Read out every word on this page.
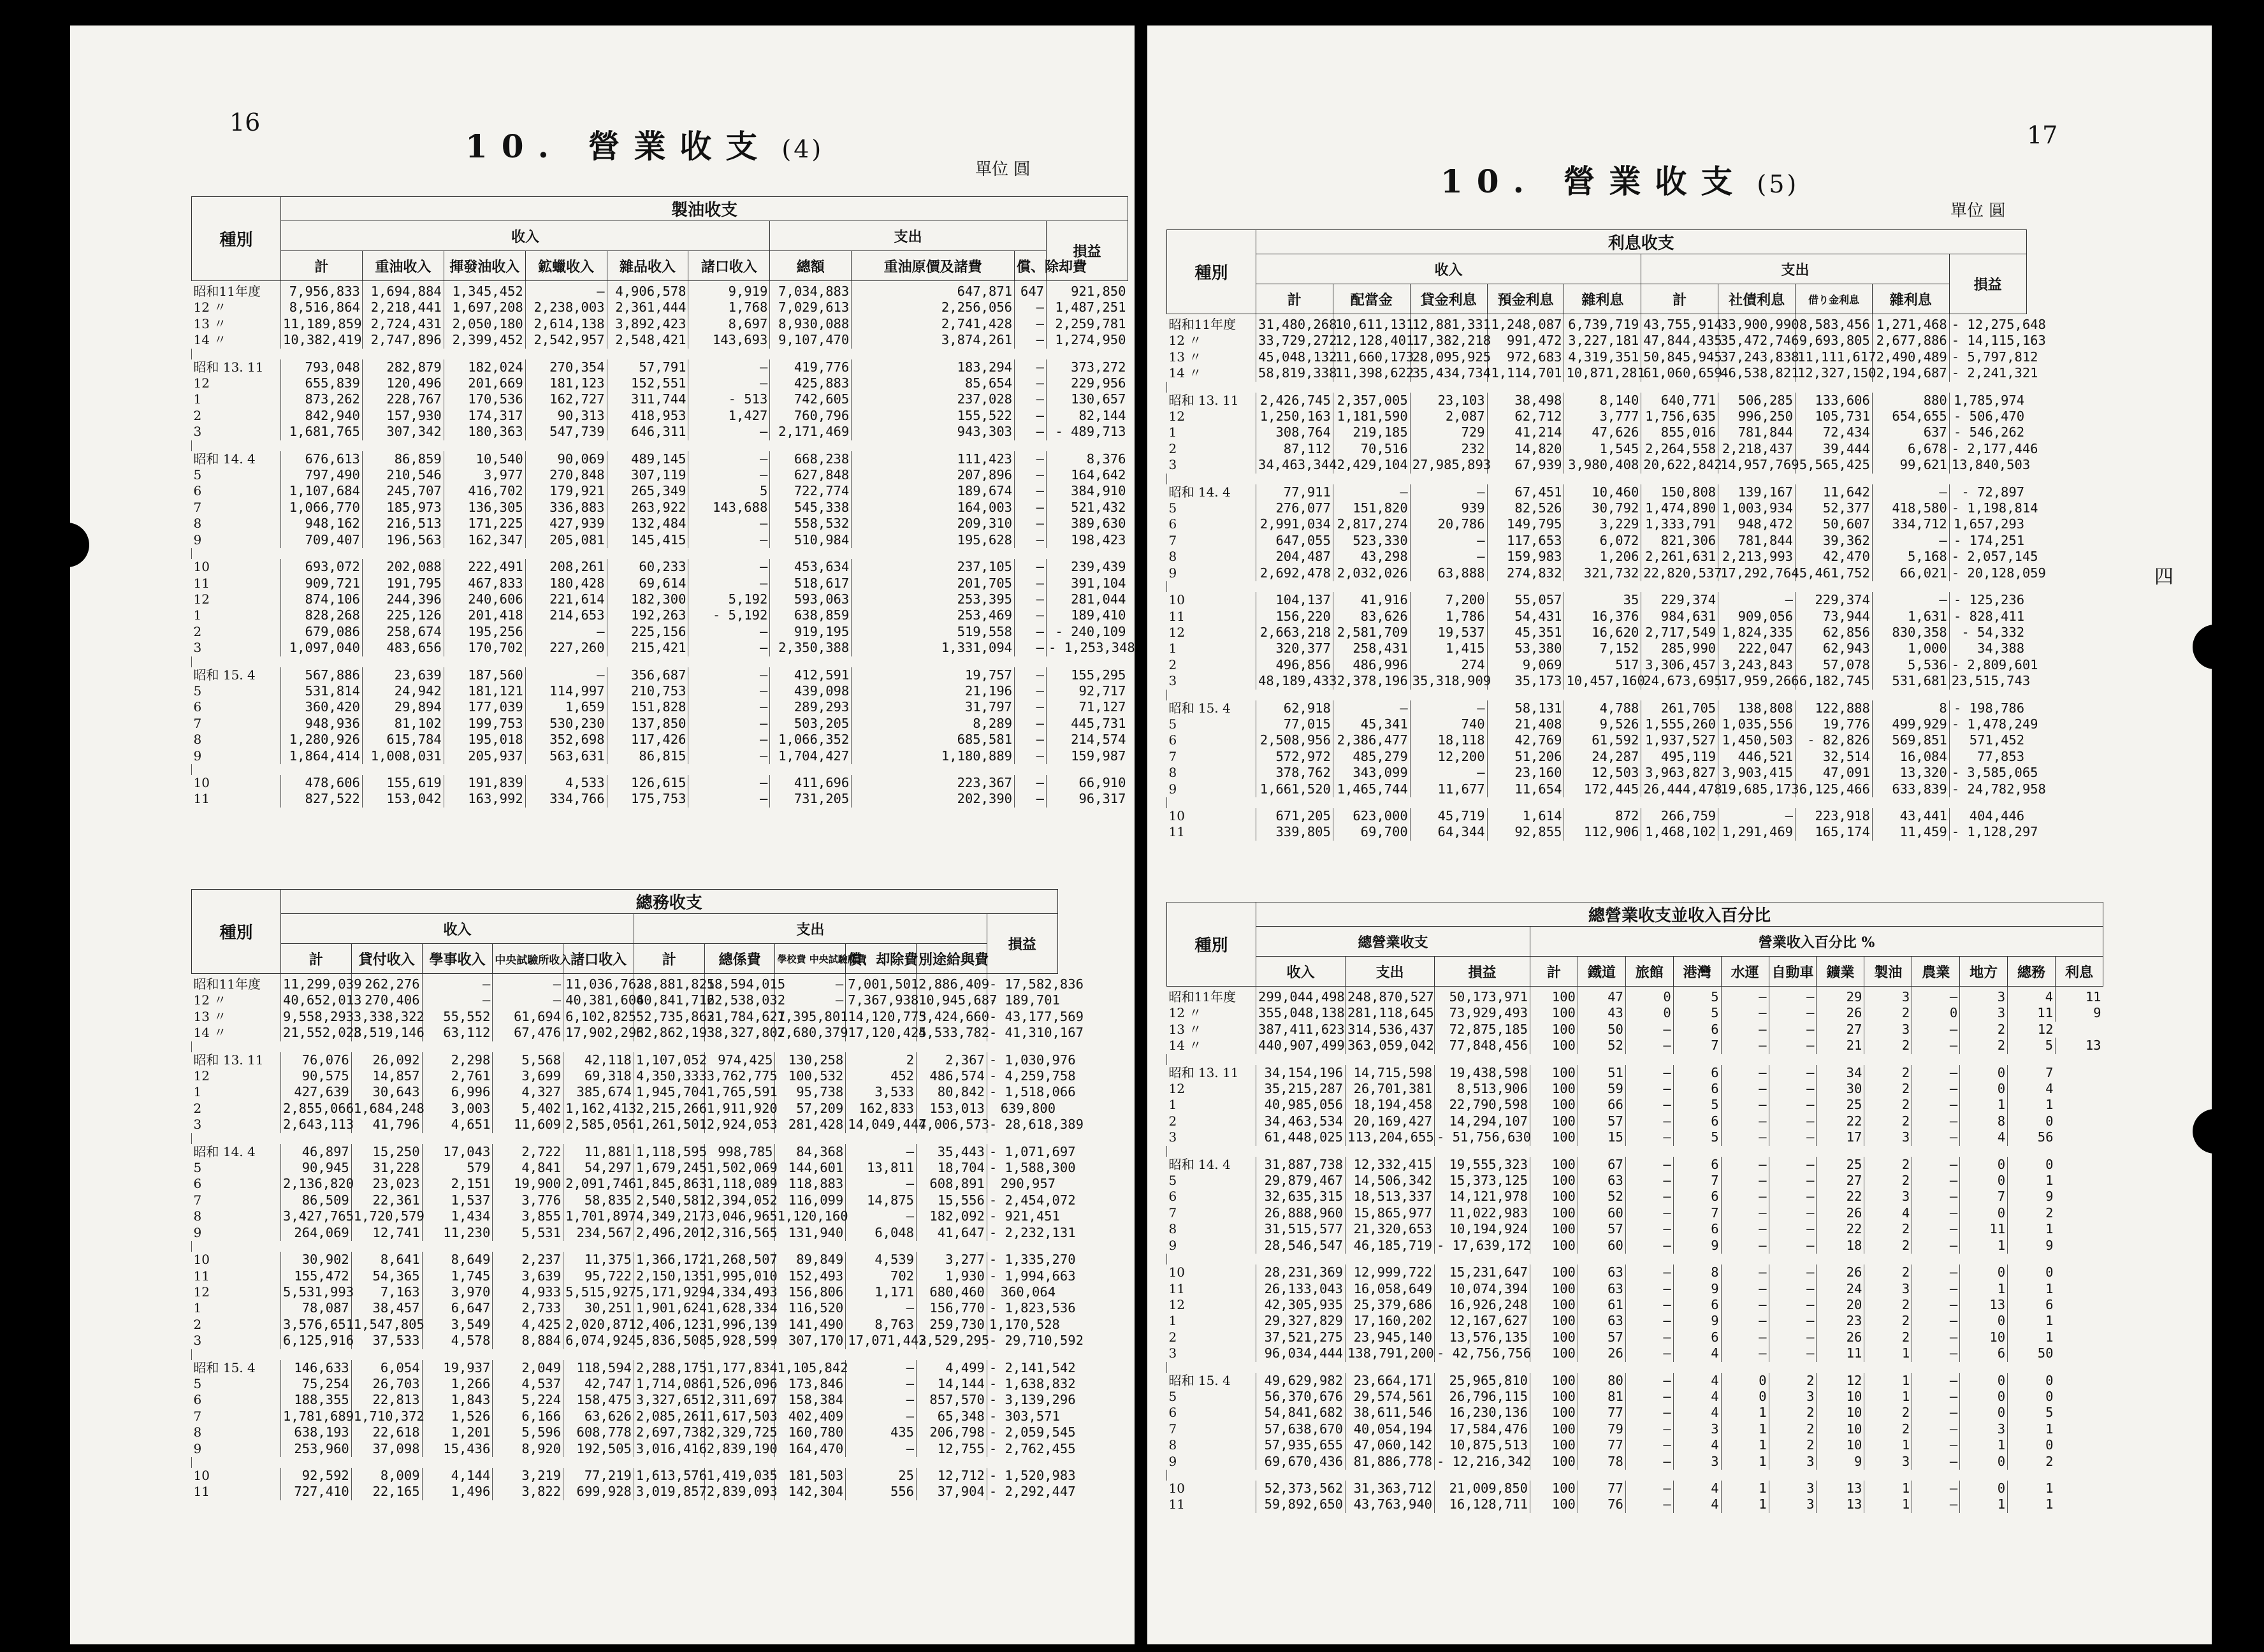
16
10. 營業收支 (4)
單位 圓
種別	製油收支									
	收入						支出			損益
	計	重油收入	揮發油收入	鉱蠟收入	雜品收入	諸口收入	總額	重油原價及諸費	償、除却費	
昭和11年度	7,956,833	1,694,884	1,345,452	—	4,906,578	9,919	7,034,883	647,871	647	921,850
12 〃	8,516,864	2,218,441	1,697,208	2,238,003	2,361,444	1,768	7,029,613	2,256,056	—	1,487,251
13 〃	11,189,859	2,724,431	2,050,180	2,614,138	3,892,423	8,697	8,930,088	2,741,428	—	2,259,781
14 〃	10,382,419	2,747,896	2,399,452	2,542,957	2,548,421	143,693	9,107,470	3,874,261	—	1,274,950

昭和 13. 11	793,048	282,879	182,024	270,354	57,791	—	419,776	183,294	—	373,272
12	655,839	120,496	201,669	181,123	152,551	—	425,883	85,654	—	229,956
1	873,262	228,767	170,536	162,727	311,744	- 513	742,605	237,028	—	130,657
2	842,940	157,930	174,317	90,313	418,953	1,427	760,796	155,522	—	82,144
3	1,681,765	307,342	180,363	547,739	646,311	—	2,171,469	943,303	—	- 489,713

昭和 14. 4	676,613	86,859	10,540	90,069	489,145	—	668,238	111,423	—	8,376
5	797,490	210,546	3,977	270,848	307,119	—	627,848	207,896	—	164,642
6	1,107,684	245,707	416,702	179,921	265,349	5	722,774	189,674	—	384,910
7	1,066,770	185,973	136,305	336,883	263,922	143,688	545,338	164,003	—	521,432
8	948,162	216,513	171,225	427,939	132,484	—	558,532	209,310	—	389,630
9	709,407	196,563	162,347	205,081	145,415	—	510,984	195,628	—	198,423

10	693,072	202,088	222,491	208,261	60,233	—	453,634	237,105	—	239,439
11	909,721	191,795	467,833	180,428	69,614	—	518,617	201,705	—	391,104
12	874,106	244,396	240,606	221,614	182,300	5,192	593,063	253,395	—	281,044
1	828,268	225,126	201,418	214,653	192,263	- 5,192	638,859	253,469	—	189,410
2	679,086	258,674	195,256	—	225,156	—	919,195	519,558	—	- 240,109
3	1,097,040	483,656	170,702	227,260	215,421	—	2,350,388	1,331,094	—	- 1,253,348

昭和 15. 4	567,886	23,639	187,560	—	356,687	—	412,591	19,757	—	155,295
5	531,814	24,942	181,121	114,997	210,753	—	439,098	21,196	—	92,717
6	360,420	29,894	177,039	1,659	151,828	—	289,293	31,797	—	71,127
7	948,936	81,102	199,753	530,230	137,850	—	503,205	8,289	—	445,731
8	1,280,926	615,784	195,018	352,698	117,426	—	1,066,352	685,581	—	214,574
9	1,864,414	1,008,031	205,937	563,631	86,815	—	1,704,427	1,180,889	—	159,987

10	478,606	155,619	191,839	4,533	126,615	—	411,696	223,367	—	66,910
11	827,522	153,042	163,992	334,766	175,753	—	731,205	202,390	—	96,317
種別	總務收支										
	收入					支出					損益
	計	貸付收入	學事收入	中央試驗所收入	諸口收入	計	總係費	學校費 中央試驗所費	償、却除費	別途給與費	
昭和11年度	11,299,039	262,276	—	—	11,036,763	28,881,825	18,594,015	—	7,001,501	2,886,409	- 17,582,836
12 〃	40,652,013	270,406	—	—	40,381,606	40,841,716	22,538,032	—	7,367,938	10,945,687	- 189,701
13 〃	9,558,293	3,338,322	55,552	61,694	6,102,825	52,735,862	31,784,627	1,395,801	14,120,773	5,424,660	- 43,177,569
14 〃	21,552,028	3,519,146	63,112	67,476	17,902,293	62,862,193	38,327,807	2,680,379	17,120,425	4,533,782	- 41,310,167

昭和 13. 11	76,076	26,092	2,298	5,568	42,118	1,107,052	974,425	130,258	2	2,367	- 1,030,976
12	90,575	14,857	2,761	3,699	69,318	4,350,333	3,762,775	100,532	452	486,574	- 4,259,758
1	427,639	30,643	6,996	4,327	385,674	1,945,704	1,765,591	95,738	3,533	80,842	- 1,518,066
2	2,855,066	1,684,248	3,003	5,402	1,162,413	2,215,266	1,911,920	57,209	162,833	153,013	639,800
3	2,643,113	41,796	4,651	11,609	2,585,056	1,261,501	2,924,053	281,428	14,049,447	4,006,573	- 28,618,389

昭和 14. 4	46,897	15,250	17,043	2,722	11,881	1,118,595	998,785	84,368	—	35,443	- 1,071,697
5	90,945	31,228	579	4,841	54,297	1,679,245	1,502,069	144,601	13,811	18,704	- 1,588,300
6	2,136,820	23,023	2,151	19,900	2,091,746	1,845,863	1,118,089	118,883	—	608,891	290,957
7	86,509	22,361	1,537	3,776	58,835	2,540,581	2,394,052	116,099	14,875	15,556	- 2,454,072
8	3,427,765	1,720,579	1,434	3,855	1,701,897	4,349,217	3,046,965	1,120,160	—	182,092	- 921,451
9	264,069	12,741	11,230	5,531	234,567	2,496,201	2,316,565	131,940	6,048	41,647	- 2,232,131

10	30,902	8,641	8,649	2,237	11,375	1,366,172	1,268,507	89,849	4,539	3,277	- 1,335,270
11	155,472	54,365	1,745	3,639	95,722	2,150,135	1,995,010	152,493	702	1,930	- 1,994,663
12	5,531,993	7,163	3,970	4,933	5,515,927	5,171,929	4,334,493	156,806	1,171	680,460	360,064
1	78,087	38,457	6,647	2,733	30,251	1,901,624	1,628,334	116,520	—	156,770	- 1,823,536
2	3,576,651	1,547,805	3,549	4,425	2,020,871	2,406,123	1,996,139	141,490	8,763	259,730	1,170,528
3	6,125,916	37,533	4,578	8,884	6,074,924	5,836,508	5,928,599	307,170	17,071,443	2,529,295	- 29,710,592

昭和 15. 4	146,633	6,054	19,937	2,049	118,594	2,288,175	1,177,834	1,105,842	—	4,499	- 2,141,542
5	75,254	26,703	1,266	4,537	42,747	1,714,086	1,526,096	173,846	—	14,144	- 1,638,832
6	188,355	22,813	1,843	5,224	158,475	3,327,651	2,311,697	158,384	—	857,570	- 3,139,296
7	1,781,689	1,710,372	1,526	6,166	63,626	2,085,261	1,617,503	402,409	—	65,348	- 303,571
8	638,193	22,618	1,201	5,596	608,778	2,697,738	2,329,725	160,780	435	206,798	- 2,059,545
9	253,960	37,098	15,436	8,920	192,505	3,016,416	2,839,190	164,470	—	12,755	- 2,762,455

10	92,592	8,009	4,144	3,219	77,219	1,613,576	1,419,035	181,503	25	12,712	- 1,520,983
11	727,410	22,165	1,496	3,822	699,928	3,019,857	2,839,093	142,304	556	37,904	- 2,292,447
17
10. 營業收支 (5)
單位 圓
四
種別	利息收支									
	收入					支出				損益
	計	配當金	貸金利息	預金利息	雜利息	計	社債利息	借り金利息	雜利息	
昭和11年度	31,480,268	10,611,131	12,881,331	1,248,087	6,739,719	43,755,914	33,900,990	8,583,456	1,271,468	- 12,275,648
12 〃	33,729,272	12,128,401	17,382,218	991,472	3,227,181	47,844,435	35,472,746	9,693,805	2,677,886	- 14,115,163
13 〃	45,048,132	11,660,173	28,095,925	972,683	4,319,351	50,845,945	37,243,838	11,111,617	2,490,489	- 5,797,812
14 〃	58,819,338	11,398,622	35,434,734	1,114,701	10,871,281	61,060,659	46,538,821	12,327,150	2,194,687	- 2,241,321

昭和 13. 11	2,426,745	2,357,005	23,103	38,498	8,140	640,771	506,285	133,606	880	1,785,974
12	1,250,163	1,181,590	2,087	62,712	3,777	1,756,635	996,250	105,731	654,655	- 506,470
1	308,764	219,185	729	41,214	47,626	855,016	781,844	72,434	637	- 546,262
2	87,112	70,516	232	14,820	1,545	2,264,558	2,218,437	39,444	6,678	- 2,177,446
3	34,463,344	2,429,104	27,985,893	67,939	3,980,408	20,622,842	14,957,769	5,565,425	99,621	13,840,503

昭和 14. 4	77,911	—	—	67,451	10,460	150,808	139,167	11,642	—	- 72,897
5	276,077	151,820	939	82,526	30,792	1,474,890	1,003,934	52,377	418,580	- 1,198,814
6	2,991,034	2,817,274	20,786	149,795	3,229	1,333,791	948,472	50,607	334,712	1,657,293
7	647,055	523,330	—	117,653	6,072	821,306	781,844	39,362	—	- 174,251
8	204,487	43,298	—	159,983	1,206	2,261,631	2,213,993	42,470	5,168	- 2,057,145
9	2,692,478	2,032,026	63,888	274,832	321,732	22,820,537	17,292,764	5,461,752	66,021	- 20,128,059

10	104,137	41,916	7,200	55,057	35	229,374	—	229,374	—	- 125,236
11	156,220	83,626	1,786	54,431	16,376	984,631	909,056	73,944	1,631	- 828,411
12	2,663,218	2,581,709	19,537	45,351	16,620	2,717,549	1,824,335	62,856	830,358	- 54,332
1	320,377	258,431	1,415	53,380	7,152	285,990	222,047	62,943	1,000	34,388
2	496,856	486,996	274	9,069	517	3,306,457	3,243,843	57,078	5,536	- 2,809,601
3	48,189,433	2,378,196	35,318,909	35,173	10,457,160	24,673,695	17,959,266	6,182,745	531,681	23,515,743

昭和 15. 4	62,918	—	—	58,131	4,788	261,705	138,808	122,888	8	- 198,786
5	77,015	45,341	740	21,408	9,526	1,555,260	1,035,556	19,776	499,929	- 1,478,249
6	2,508,956	2,386,477	18,118	42,769	61,592	1,937,527	1,450,503	- 82,826	569,851	571,452
7	572,972	485,279	12,200	51,206	24,287	495,119	446,521	32,514	16,084	77,853
8	378,762	343,099	—	23,160	12,503	3,963,827	3,903,415	47,091	13,320	- 3,585,065
9	1,661,520	1,465,744	11,677	11,654	172,445	26,444,478	19,685,173	6,125,466	633,839	- 24,782,958

10	671,205	623,000	45,719	1,614	872	266,759	—	223,918	43,441	404,446
11	339,805	69,700	64,344	92,855	112,906	1,468,102	1,291,469	165,174	11,459	- 1,128,297
種別	總營業收支並收入百分比														
	總營業收支			營業收入百分比 %											
	收入	支出	損益	計	鐵道	旅館	港灣	水運	自動車	鑛業	製油	農業	地方	總務	利息
昭和11年度	299,044,498	248,870,527	50,173,971	100	47	0	5	—	—	29	3	—	3	4	11
12 〃	355,048,138	281,118,645	73,929,493	100	43	0	5	—	—	26	2	0	3	11	9
13 〃	387,411,623	314,536,437	72,875,185	100	50	—	6	—	—	27	3	—	2	12	
14 〃	440,907,499	363,059,042	77,848,456	100	52	—	7	—	—	21	2	—	2	5	13

昭和 13. 11	34,154,196	14,715,598	19,438,598	100	51	—	6	—	—	34	2	—	0	7	
12	35,215,287	26,701,381	8,513,906	100	59	—	6	—	—	30	2	—	0	4	
1	40,985,056	18,194,458	22,790,598	100	66	—	5	—	—	25	2	—	1	1	
2	34,463,534	20,169,427	14,294,107	100	57	—	6	—	—	22	2	—	8	0	
3	61,448,025	113,204,655	- 51,756,630	100	15	—	5	—	—	17	3	—	4	56	

昭和 14. 4	31,887,738	12,332,415	19,555,323	100	67	—	6	—	—	25	2	—	0	0	
5	29,879,467	14,506,342	15,373,125	100	63	—	7	—	—	27	2	—	0	1	
6	32,635,315	18,513,337	14,121,978	100	52	—	6	—	—	22	3	—	7	9	
7	26,888,960	15,865,977	11,022,983	100	60	—	7	—	—	26	4	—	0	2	
8	31,515,577	21,320,653	10,194,924	100	57	—	6	—	—	22	2	—	11	1	
9	28,546,547	46,185,719	- 17,639,172	100	60	—	9	—	—	18	2	—	1	9	

10	28,231,369	12,999,722	15,231,647	100	63	—	8	—	—	26	2	—	0	0	
11	26,133,043	16,058,649	10,074,394	100	63	—	9	—	—	24	3	—	1	1	
12	42,305,935	25,379,686	16,926,248	100	61	—	6	—	—	20	2	—	13	6	
1	29,327,829	17,160,202	12,167,627	100	63	—	9	—	—	23	2	—	0	1	
2	37,521,275	23,945,140	13,576,135	100	57	—	6	—	—	26	2	—	10	1	
3	96,034,444	138,791,200	- 42,756,756	100	26	—	4	—	—	11	1	—	6	50	

昭和 15. 4	49,629,982	23,664,171	25,965,810	100	80	—	4	0	2	12	1	—	0	0	
5	56,370,676	29,574,561	26,796,115	100	81	—	4	0	3	10	1	—	0	0	
6	54,841,682	38,611,546	16,230,136	100	77	—	4	1	2	10	2	—	0	5	
7	57,638,670	40,054,194	17,584,476	100	79	—	3	1	2	10	2	—	3	1	
8	57,935,655	47,060,142	10,875,513	100	77	—	4	1	2	10	1	—	1	0	
9	69,670,436	81,886,778	- 12,216,342	100	78	—	3	1	3	9	3	—	0	2	

10	52,373,562	31,363,712	21,009,850	100	77	—	4	1	3	13	1	—	0	1	
11	59,892,650	43,763,940	16,128,711	100	76	—	4	1	3	13	1	—	1	1	
